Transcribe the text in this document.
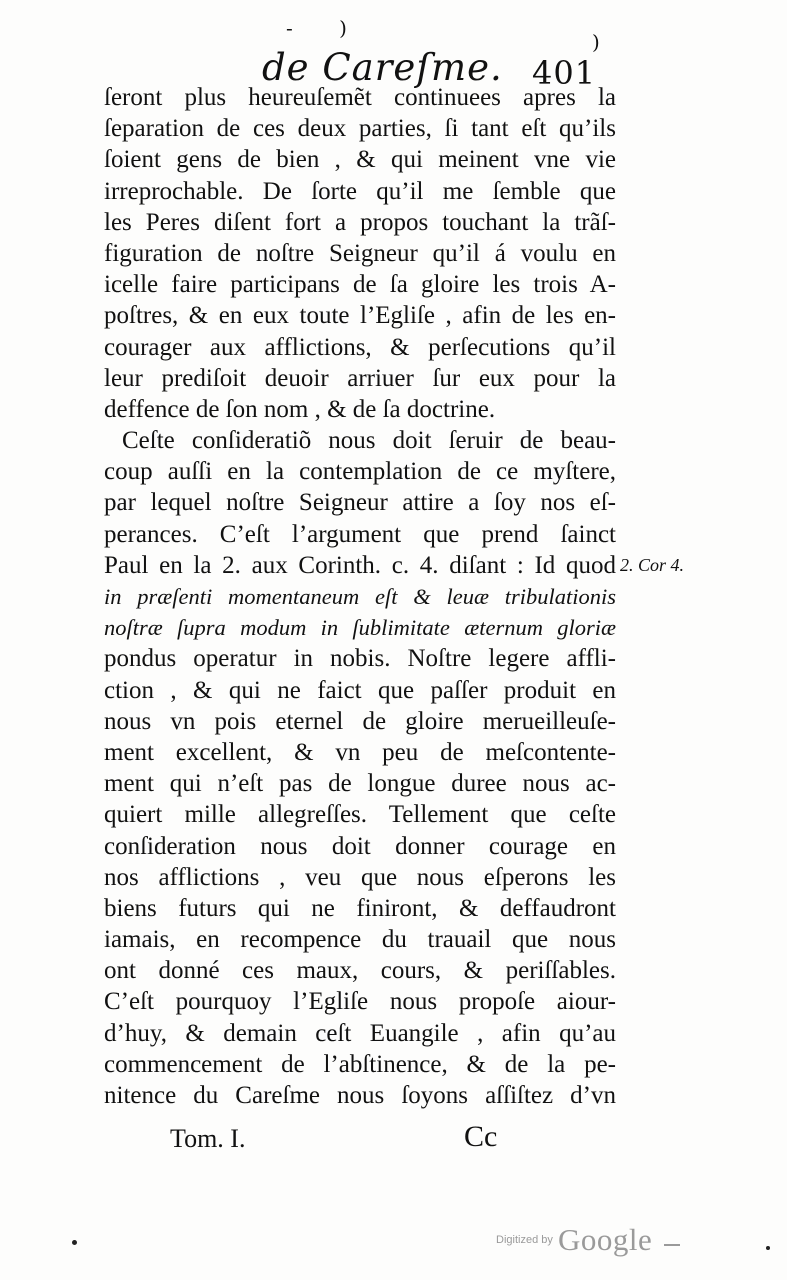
- )
)
de Careſme. 401
ſeront plus heureuſemẽt continuees apres la
ſeparation de ces deux parties, ſi tant eſt qu’ils
ſoient gens de bien , & qui meinent vne vie
irreprochable. De ſorte qu’il me ſemble que
les Peres diſent fort a propos touchant la trãſ-
figuration de noſtre Seigneur qu’il á voulu en
icelle faire participans de ſa gloire les trois A-
poſtres, & en eux toute l’Egliſe , afin de les en-
courager aux afflictions, & perſecutions qu’il
leur prediſoit deuoir arriuer ſur eux pour la
deffence de ſon nom , & de ſa doctrine.
Ceſte conſideratiõ nous doit ſeruir de beau-
coup auſſi en la contemplation de ce myſtere,
par lequel noſtre Seigneur attire a ſoy nos eſ-
perances. C’eſt l’argument que prend ſainct
Paul en la 2. aux Corinth. c. 4. diſant : Id quod
in præſenti momentaneum eſt & leuæ tribulationis
noſtræ ſupra modum in ſublimitate æternum gloriæ
pondus operatur in nobis. Noſtre legere affli-
ction , & qui ne faict que paſſer produit en
nous vn pois eternel de gloire merueilleuſe-
ment excellent, & vn peu de meſcontente-
ment qui n’eſt pas de longue duree nous ac-
quiert mille allegreſſes. Tellement que ceſte
conſideration nous doit donner courage en
nos afflictions , veu que nous eſperons les
biens futurs qui ne finiront, & deffaudront
iamais, en recompence du trauail que nous
ont donné ces maux, cours, & periſſables.
C’eſt pourquoy l’Egliſe nous propoſe aiour-
d’huy, & demain ceſt Euangile , afin qu’au
commencement de l’abſtinence, & de la pe-
nitence du Careſme nous ſoyons aſſiſtez d’vn
2. Cor 4.
Tom. I.	Cc
Digitized by Google
